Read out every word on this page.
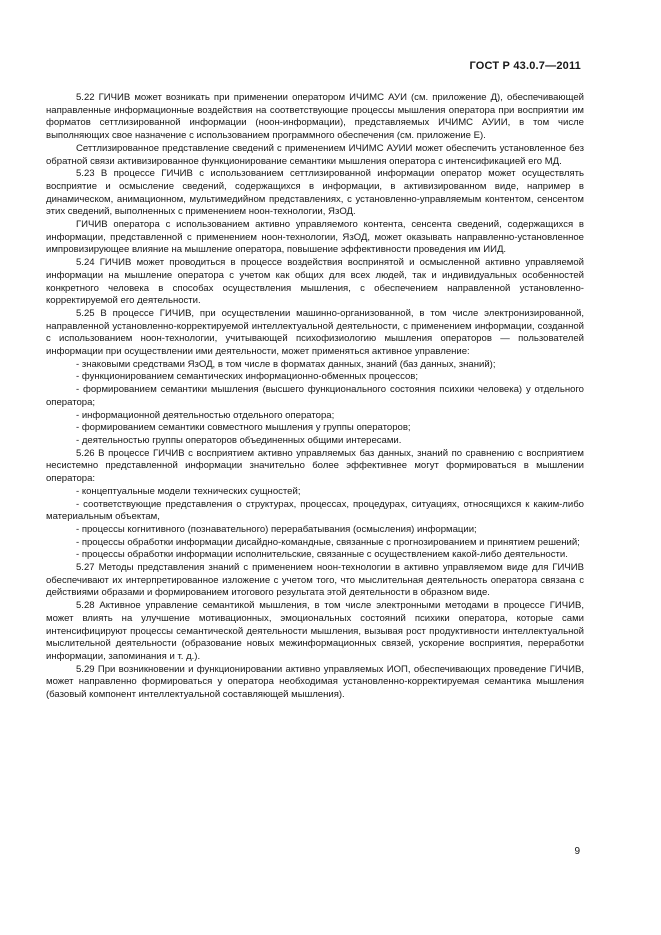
ГОСТ Р 43.0.7—2011

5.22 ГИЧИВ может возникать при применении оператором ИЧИМС АУИ (см. приложение Д), обеспечивающей направленные информационные воздействия на соответствующие процессы мышления оператора при восприятии им форматов сеттлизированной информации (ноон-информации), представляемых ИЧИМС АУИИ, в том числе выполняющих свое назначение с использованием программного обеспечения (см. приложение Е).

Сеттлизированное представление сведений с применением ИЧИМС АУИИ может обеспечить установленное без обратной связи активизированное функционирование семантики мышления оператора с интенсификацией его МД.

5.23 В процессе ГИЧИВ с использованием сеттлизированной информации оператор может осуществлять восприятие и осмысление сведений, содержащихся в информации, в активизированном виде, например в динамическом, анимационном, мультимедийном представлениях, с установленно-управляемым контентом, сенсентом этих сведений, выполненных с применением ноон-технологии, ЯзОД.

ГИЧИВ оператора с использованием активно управляемого контента, сенсента сведений, содержащихся в информации, представленной с применением ноон-технологии, ЯзОД, может оказывать направленно-установленное импровизирующее влияние на мышление оператора, повышение эффективности проведения им ИИД.

5.24 ГИЧИВ может проводиться в процессе воздействия воспринятой и осмысленной активно управляемой информации на мышление оператора с учетом как общих для всех людей, так и индивидуальных особенностей конкретного человека в способах осуществления мышления, с обеспечением направленной установленно-корректируемой его деятельности.

5.25 В процессе ГИЧИВ, при осуществлении машинно-организованной, в том числе электронизированной, направленной установленно-корректируемой интеллектуальной деятельности, с применением информации, созданной с использованием ноон-технологии, учитывающей психофизиологию мышления операторов — пользователей информации при осуществлении ими деятельности, может применяться активное управление:

- знаковыми средствами ЯзОД, в том числе в форматах данных, знаний (баз данных, знаний);

- функционированием семантических информационно-обменных процессов;

- формированием семантики мышления (высшего функционального состояния психики человека) у отдельного оператора;

- информационной деятельностью отдельного оператора;

- формированием семантики совместного мышления у группы операторов;

- деятельностью группы операторов объединенных общими интересами.

5.26 В процессе ГИЧИВ с восприятием активно управляемых баз данных, знаний по сравнению с восприятием несистемно представленной информации значительно более эффективнее могут формироваться в мышлении оператора:

- концептуальные модели технических сущностей;

- соответствующие представления о структурах, процессах, процедурах, ситуациях, относящихся к каким-либо материальным объектам,

- процессы когнитивного (познавательного) перерабатывания (осмысления) информации;

- процессы обработки информации дисайдно-командные, связанные с прогнозированием и принятием решений;

- процессы обработки информации исполнительские, связанные с осуществлением какой-либо деятельности.

5.27 Методы представления знаний с применением ноон-технологии в активно управляемом виде для ГИЧИВ обеспечивают их интерпретированное изложение с учетом того, что мыслительная деятельность оператора связана с действиями образами и формированием итогового результата этой деятельности в образном виде.

5.28 Активное управление семантикой мышления, в том числе электронными методами в процессе ГИЧИВ, может влиять на улучшение мотивационных, эмоциональных состояний психики оператора, которые сами интенсифицируют процессы семантической деятельности мышления, вызывая рост продуктивности интеллектуальной мыслительной деятельности (образование новых межинформационных связей, ускорение восприятия, переработки информации, запоминания и т. д.).

5.29 При возникновении и функционировании активно управляемых ИОП, обеспечивающих проведение ГИЧИВ, может направленно формироваться у оператора необходимая установленно-корректируемая семантика мышления (базовый компонент интеллектуальной составляющей мышления).

9
